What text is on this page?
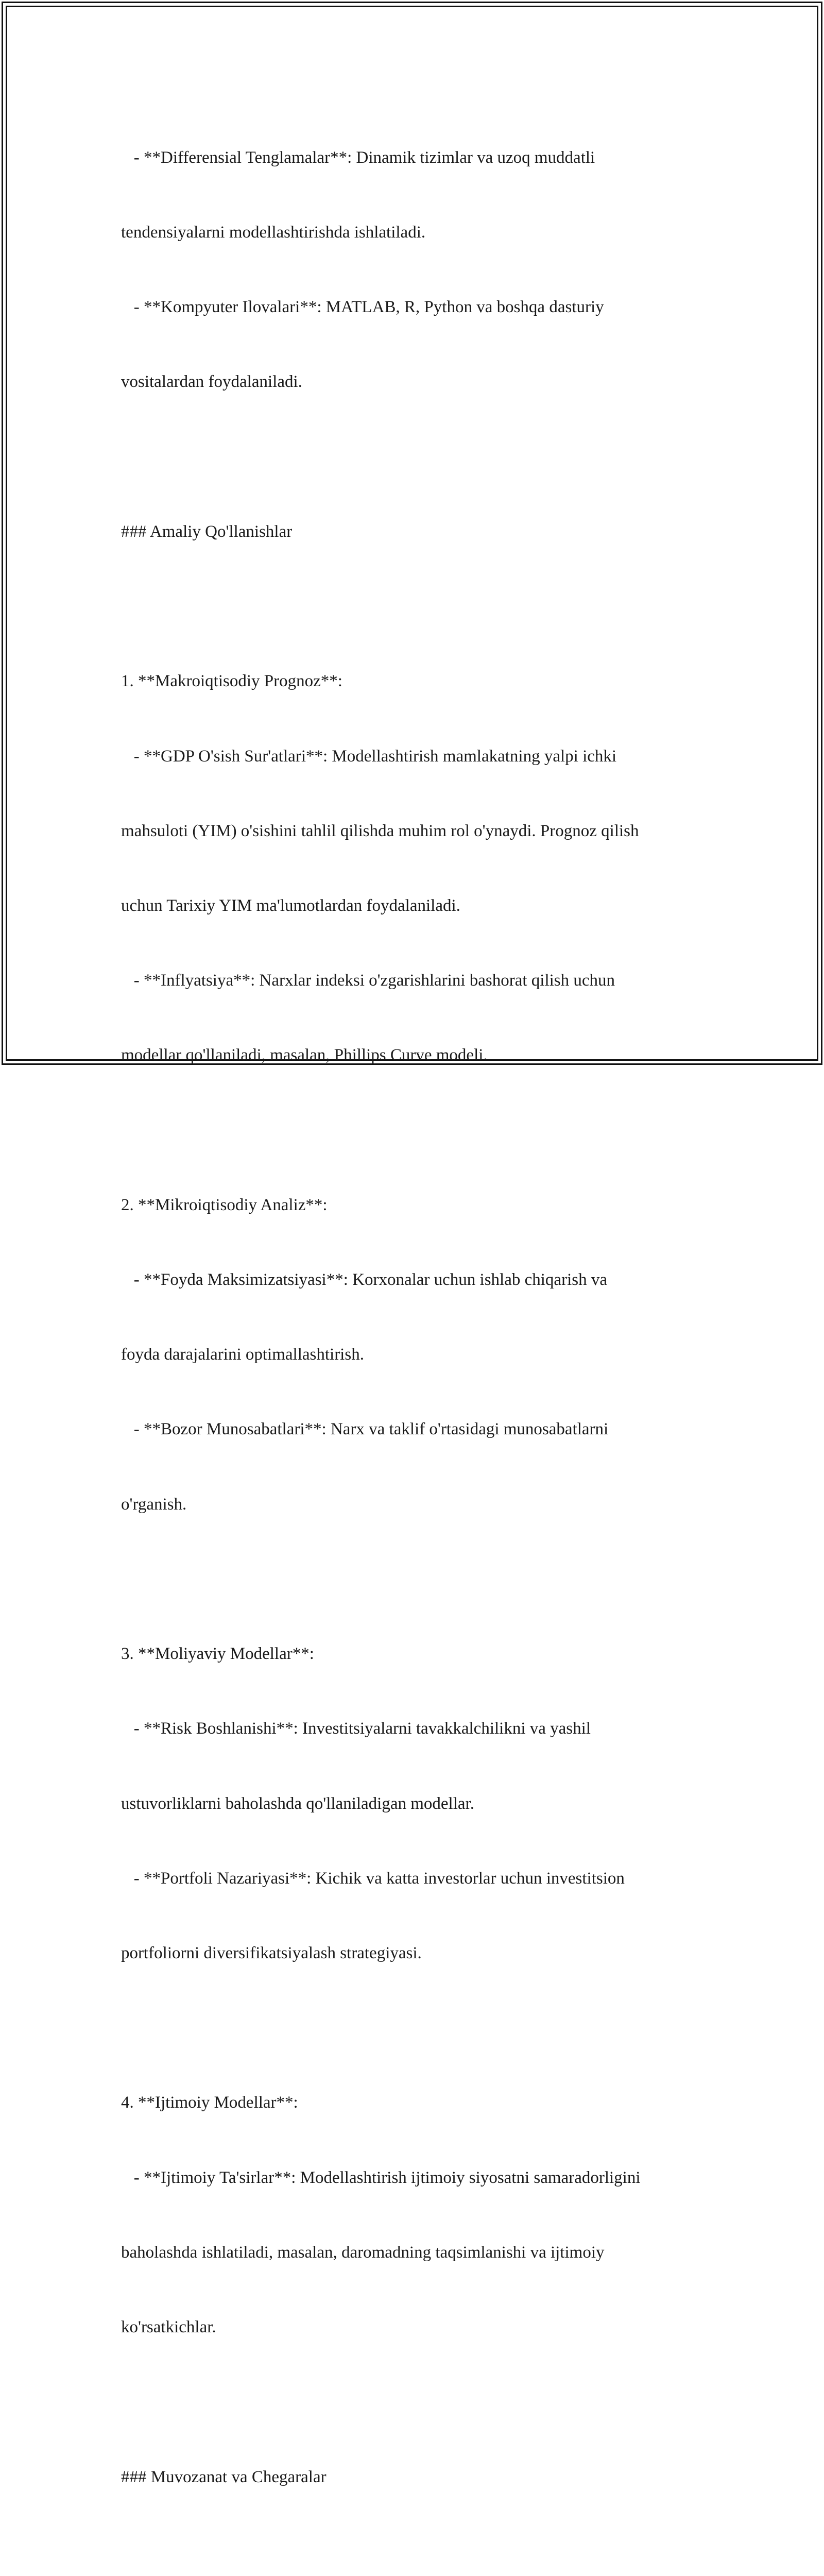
- **Differensial Tenglamalar**: Dinamik tizimlar va uzoq muddatli

tendensiyalarni modellashtirishda ishlatiladi.

- **Kompyuter Ilovalari**: MATLAB, R, Python va boshqa dasturiy

vositalardan foydalaniladi.

### Amaliy Qo'llanishlar

1. **Makroiqtisodiy Prognoz**:

- **GDP O'sish Sur'atlari**: Modellashtirish mamlakatning yalpi ichki

mahsuloti (YIM) o'sishini tahlil qilishda muhim rol o'ynaydi. Prognoz qilish

uchun Tarixiy YIM ma'lumotlardan foydalaniladi.

- **Inflyatsiya**: Narxlar indeksi o'zgarishlarini bashorat qilish uchun

modellar qo'llaniladi, masalan, Phillips Curve modeli.

2. **Mikroiqtisodiy Analiz**:

- **Foyda Maksimizatsiyasi**: Korxonalar uchun ishlab chiqarish va

foyda darajalarini optimallashtirish.

- **Bozor Munosabatlari**: Narx va taklif o'rtasidagi munosabatlarni

o'rganish.

3. **Moliyaviy Modellar**:

- **Risk Boshlanishi**: Investitsiyalarni tavakkalchilikni va yashil

ustuvorliklarni baholashda qo'llaniladigan modellar.

- **Portfoli Nazariyasi**: Kichik va katta investorlar uchun investitsion

portfoliorni diversifikatsiyalash strategiyasi.

4. **Ijtimoiy Modellar**:

- **Ijtimoiy Ta'sirlar**: Modellashtirish ijtimoiy siyosatni samaradorligini

baholashda ishlatiladi, masalan, daromadning taqsimlanishi va ijtimoiy

ko'rsatkichlar.

### Muvozanat va Chegaralar
